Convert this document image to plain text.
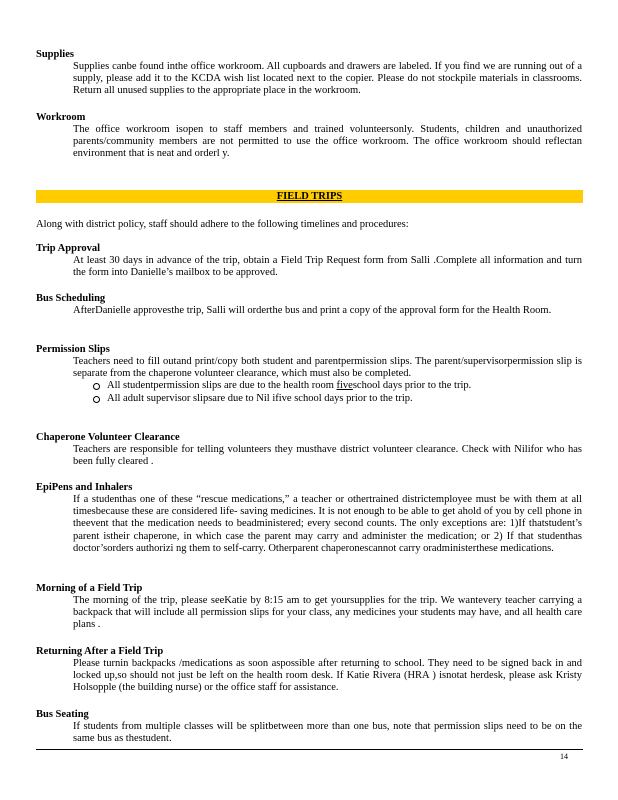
Supplies
Supplies canbe found inthe office workroom. All cupboards and drawers are labeled. If you find we are running out of a supply, please add it to the KCDA wish list located next to the copier. Please do not stockpile materials in classrooms. Return all unused supplies to the appropriate place in the workroom.
Workroom
The office workroom isopen to staff members and trained volunteersonly. Students, children and unauthorized parents/community members are not permitted to use the office workroom. The office workroom should reflectan environment that is neat and orderl y.
FIELD TRIPS
Along with district policy, staff should adhere to the following timelines and procedures:
Trip Approval
At least 30 days in advance of the trip, obtain a Field Trip Request form from Salli .Complete all information and turn the form into Danielle’s mailbox to be approved.
Bus Scheduling
AfterDanielle approvesthe trip, Salli will orderthe bus and print a copy of the approval form for the Health Room.
Permission Slips
Teachers need to fill outand print/copy both student and parentpermission slips. The parent/supervisorpermission slip is separate from the chaperone volunteer clearance, which must also be completed.
All studentpermission slips are due to the health room fiveschool days prior to the trip.
All adult supervisor slipsare due to Nil ifive school days prior to the trip.
Chaperone Volunteer Clearance
Teachers are responsible for telling volunteers they musthave district volunteer clearance. Check with Nilifor who has been fully cleared .
EpiPens and Inhalers
If a studenthas one of these “rescue medications,” a teacher or othertrained districtemployee must be with them at all timesbecause these are considered life- saving medicines. It is not enough to be able to get ahold of you by cell phone in theevent that the medication needs to beadministered; every second counts. The only exceptions are: 1)If thatstudent’s parent istheir chaperone, in which case the parent may carry and administer the medication; or 2) If that studenthas doctor’sorders authorizi ng them to self-carry. Otherparent chaperonescannot carry oradministerthese medications.
Morning of a Field Trip
The morning of the trip, please seeKatie by 8:15 am to get yoursupplies for the trip. We wantevery teacher carrying a backpack that will include all permission slips for your class, any medicines your students may have, and all health care plans .
Returning After a Field Trip
Please turnin backpacks /medications as soon aspossible after returning to school. They need to be signed back in and locked up,so should not just be left on the health room desk. If Katie Rivera (HRA ) isnotat herdesk, please ask Kristy Holsopple (the building nurse) or the office staff for assistance.
Bus Seating
If students from multiple classes will be splitbetween more than one bus, note that permission slips need to be on the same bus as thestudent.
14
